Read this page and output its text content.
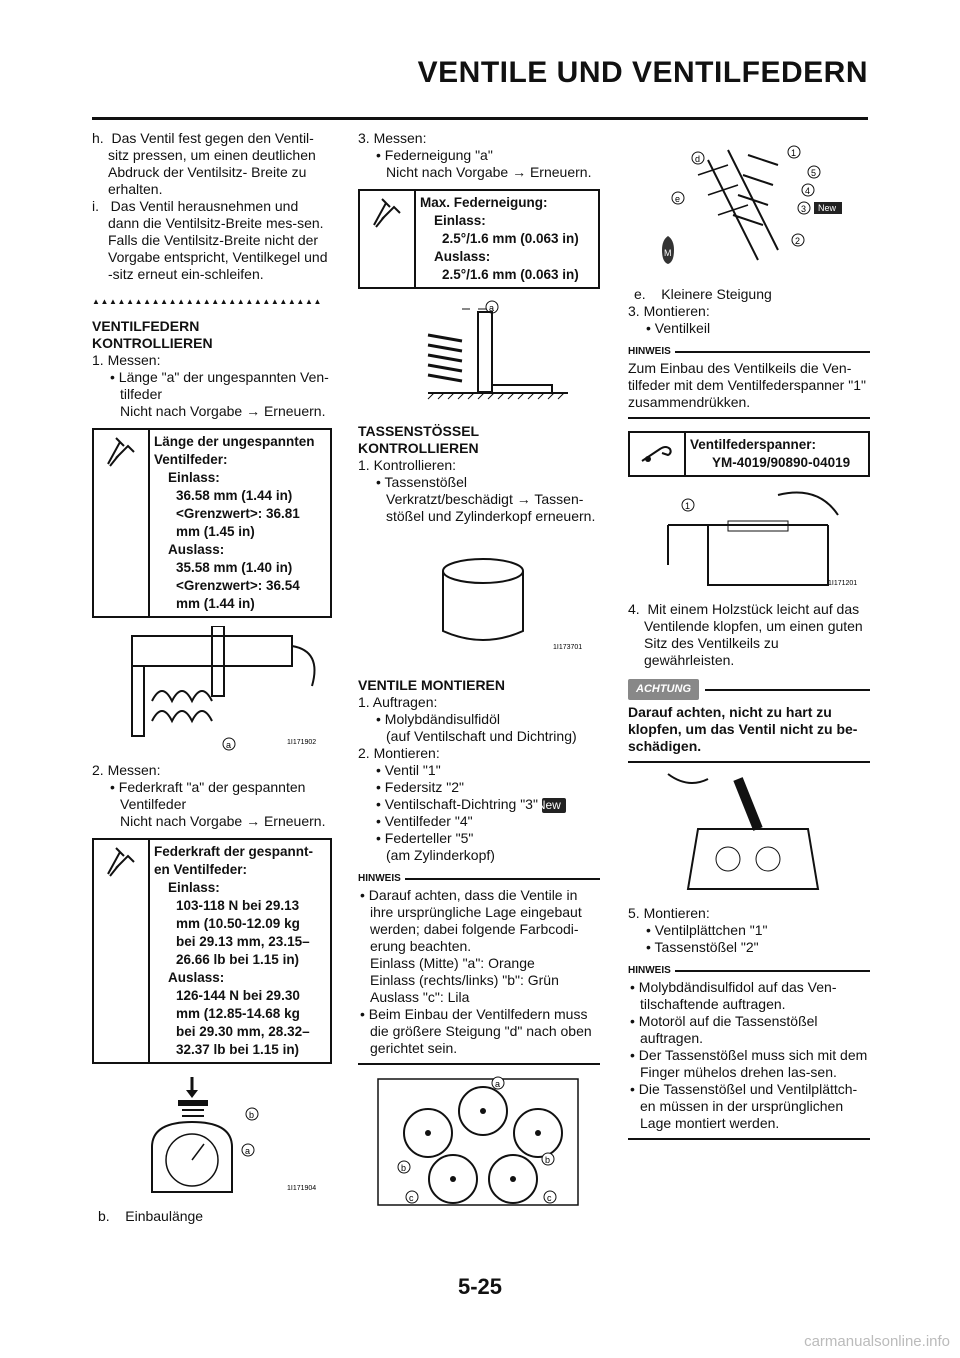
VENTILE UND VENTILFEDERN

h. Das Ventil fest gegen den Ventil-sitz pressen, um einen deutlichen Abdruck der Ventilsitz- Breite zu erhalten.

i. Das Ventil herausnehmen und dann die Ventilsitz-Breite mes-sen. Falls die Ventilsitz-Breite nicht der Vorgabe entspricht, Ventilkegel und -sitz erneut ein-schleifen.

▲▲▲▲▲▲▲▲▲▲▲▲▲▲▲▲▲▲▲▲▲▲▲▲▲▲▲

VENTILFEDERN KONTROLLIEREN

1. Messen:

• Länge "a" der ungespannten Ven-tilfeder

Nicht nach Vorgabe → Erneuern.

Länge der ungespannten
Ventilfeder:
Einlass:
36.58 mm (1.44 in)
<Grenzwert>: 36.81
mm (1.45 in)
Auslass:
35.58 mm (1.40 in)
<Grenzwert>: 36.54
mm (1.44 in)
a	1I171902

2. Messen:

• Federkraft "a" der gespannten Ventilfeder

Nicht nach Vorgabe → Erneuern.

Federkraft der gespannt-
en Ventilfeder:
Einlass:
103-118 N bei 29.13
mm (10.50-12.09 kg
bei 29.13 mm, 23.15–
26.66 lb bei 1.15 in)
Auslass:
126-144 N bei 29.30
mm (12.85-14.68 kg
bei 29.30 mm, 28.32–
32.37 lb bei 1.15 in)
b
a
1I171904

b. Einbaulänge

3. Messen:

• Federneigung "a"

Nicht nach Vorgabe → Erneuern.

Max. Federneigung:
Einlass:
2.5°/1.6 mm (0.063 in)
Auslass:
2.5°/1.6 mm (0.063 in)
a

TASSENSTÖSSEL KONTROLLIEREN

1. Kontrollieren:

• Tassenstößel

Verkratzt/beschädigt → Tassen-stößel und Zylinderkopf erneuern.

1I173701

VENTILE MONTIEREN

1. Auftragen:

• Molybdändisulfidöl

(auf Ventilschaft und Dichtring)

2. Montieren:

• Ventil "1"

• Federsitz "2"

• Ventilschaft-Dichtring "3" New

• Ventilfeder "4"

• Federteller "5"

(am Zylinderkopf)

HINWEIS

• Darauf achten, dass die Ventile in ihre ursprüngliche Lage eingebaut werden; dabei folgende Farbcodi-erung beachten.

Einlass (Mitte) "a": Orange

Einlass (rechts/links) "b": Grün

Auslass "c": Lila

• Beim Einbau der Ventilfedern muss die größere Steigung "d" nach oben gerichtet sein.

a
b
b
c	c
1
5
4
3 New
2
d
e
M

e. Kleinere Steigung

3. Montieren:

• Ventilkeil

HINWEIS

Zum Einbau des Ventilkeils die Ven-tilfeder mit dem Ventilfederspanner "1" zusammendrükken.

Ventilfederspanner:
YM-4019/90890-04019
1
1I171201

4. Mit einem Holzstück leicht auf das Ventilende klopfen, um einen guten Sitz des Ventilkeils zu gewährleisten.

ACHTUNG

Darauf achten, nicht zu hart zu klopfen, um das Ventil nicht zu be-schädigen.

5. Montieren:

• Ventilplättchen "1"

• Tassenstößel "2"

HINWEIS

• Molybdändisulfidol auf das Ven-tilschaftende auftragen.

• Motoröl auf die Tassenstößel auftragen.

• Der Tassenstößel muss sich mit dem Finger mühelos drehen las-sen.

• Die Tassenstößel und Ventilplättch-en müssen in der ursprünglichen Lage montiert werden.

5-25
carmanualsonline.info
